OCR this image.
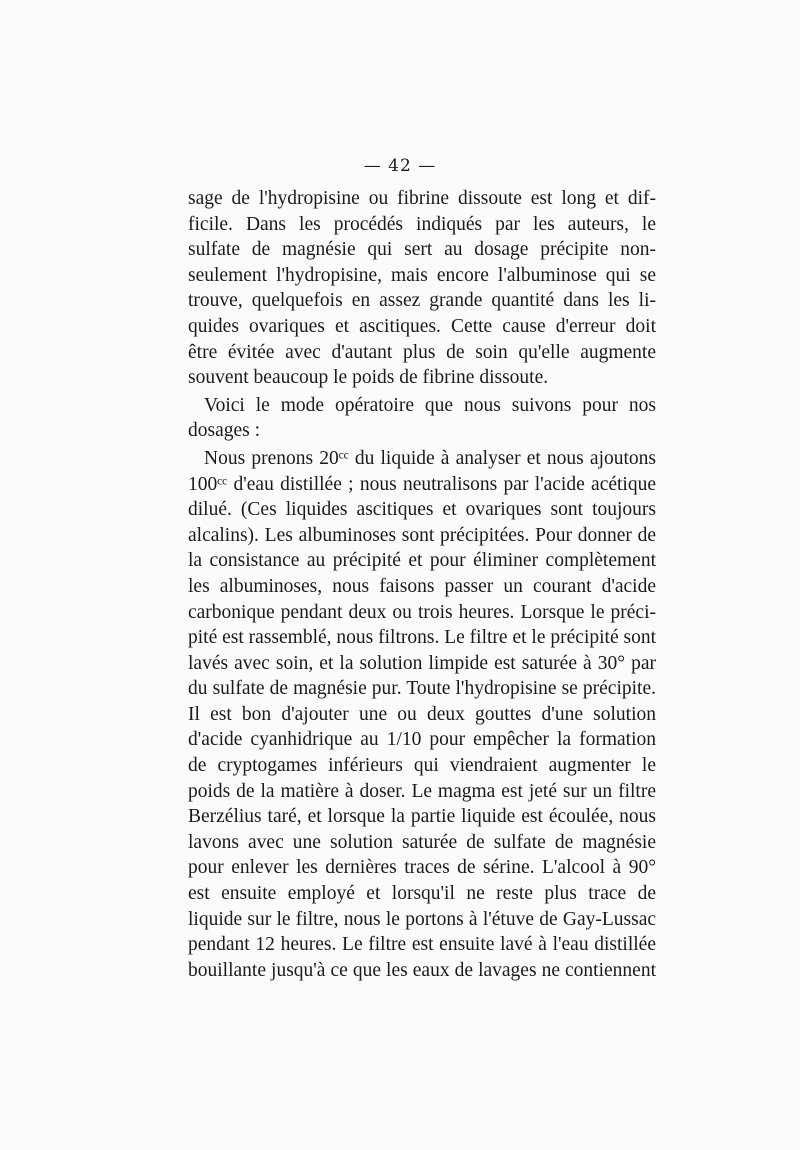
— 42 —
sage de l'hydropisine ou fibrine dissoute est long et dif-
ficile. Dans les procédés indiqués par les auteurs, le
sulfate de magnésie qui sert au dosage précipite non-
seulement l'hydropisine, mais encore l'albuminose qui se
trouve, quelquefois en assez grande quantité dans les li-
quides ovariques et ascitiques. Cette cause d'erreur doit
être évitée avec d'autant plus de soin qu'elle augmente
souvent beaucoup le poids de fibrine dissoute.
Voici le mode opératoire que nous suivons pour nos
dosages :
Nous prenons 20ᶜᶜ du liquide à analyser et nous ajoutons
100ᶜᶜ d'eau distillée ; nous neutralisons par l'acide acétique
dilué. (Ces liquides ascitiques et ovariques sont toujours
alcalins). Les albuminoses sont précipitées. Pour donner de
la consistance au précipité et pour éliminer complètement
les albuminoses, nous faisons passer un courant d'acide
carbonique pendant deux ou trois heures. Lorsque le préci-
pité est rassemblé, nous filtrons. Le filtre et le précipité sont
lavés avec soin, et la solution limpide est saturée à 30° par
du sulfate de magnésie pur. Toute l'hydropisine se précipite.
Il est bon d'ajouter une ou deux gouttes d'une solution
d'acide cyanhidrique au 1/10 pour empêcher la formation
de cryptogames inférieurs qui viendraient augmenter le
poids de la matière à doser. Le magma est jeté sur un filtre
Berzélius taré, et lorsque la partie liquide est écoulée, nous
lavons avec une solution saturée de sulfate de magnésie
pour enlever les dernières traces de sérine. L'alcool à 90°
est ensuite employé et lorsqu'il ne reste plus trace de
liquide sur le filtre, nous le portons à l'étuve de Gay-Lussac
pendant 12 heures. Le filtre est ensuite lavé à l'eau distillée
bouillante jusqu'à ce que les eaux de lavages ne contiennent
